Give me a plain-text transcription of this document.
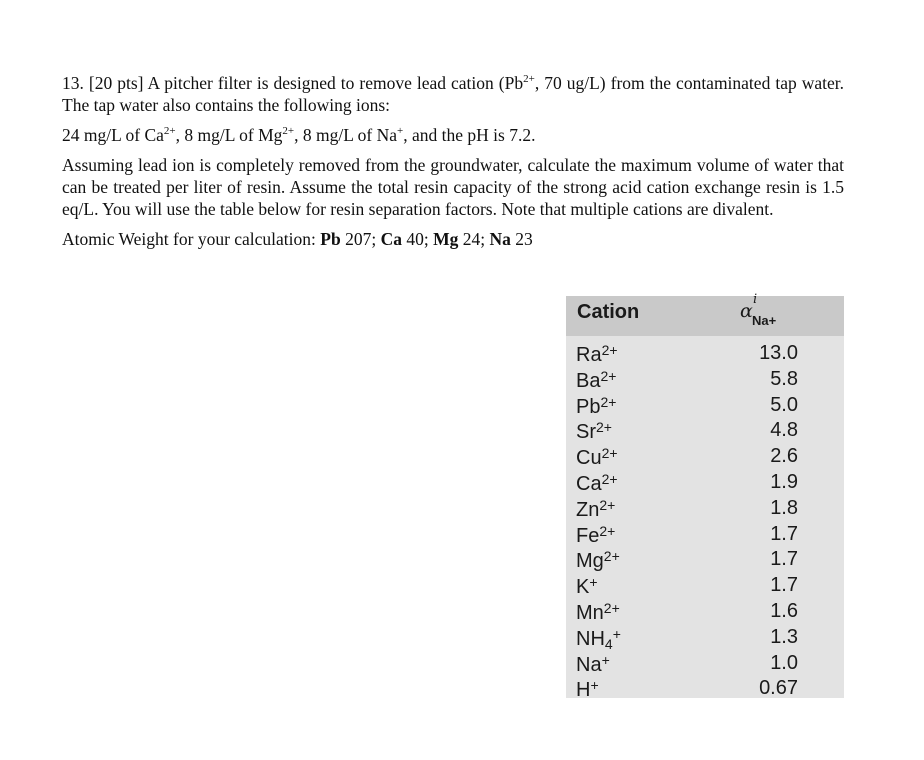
13. [20 pts] A pitcher filter is designed to remove lead cation ($Pb^{2+}$, 70 ug/L) from the contaminated tap water. The tap water also contains the following ions:

24 mg/L of $Ca^{2+}$, 8 mg/L of $Mg^{2+}$, 8 mg/L of Na+, and the pH is 7.2.

Assuming lead ion is completely removed from the groundwater, calculate the maximum volume of water that can be treated per liter of resin. Assume the total resin capacity of the strong acid cation exchange resin is 1.5 eq/L. You will use the table below for resin separation factors. Note that multiple cations are divalent.

Atomic Weight for your calculation: Pb 207; Ca 40; Mg 24; Na 23

Cation	α
i
Na+
$Ra^{2+}$	13.0
$Ba^{2+}$	5.8
$Pb^{2+}$	5.0
$Sr^{2+}$	4.8
$Cu^{2+}$	2.6
$Ca^{2+}$	1.9
$Zn^{2+}$	1.8
$Fe^{2+}$	1.7
$Mg^{2+}$	1.7
K+	1.7
$Mn^{2+}$	1.6
$NH_4^+$	1.3
Na+	1.0
H+	0.67
